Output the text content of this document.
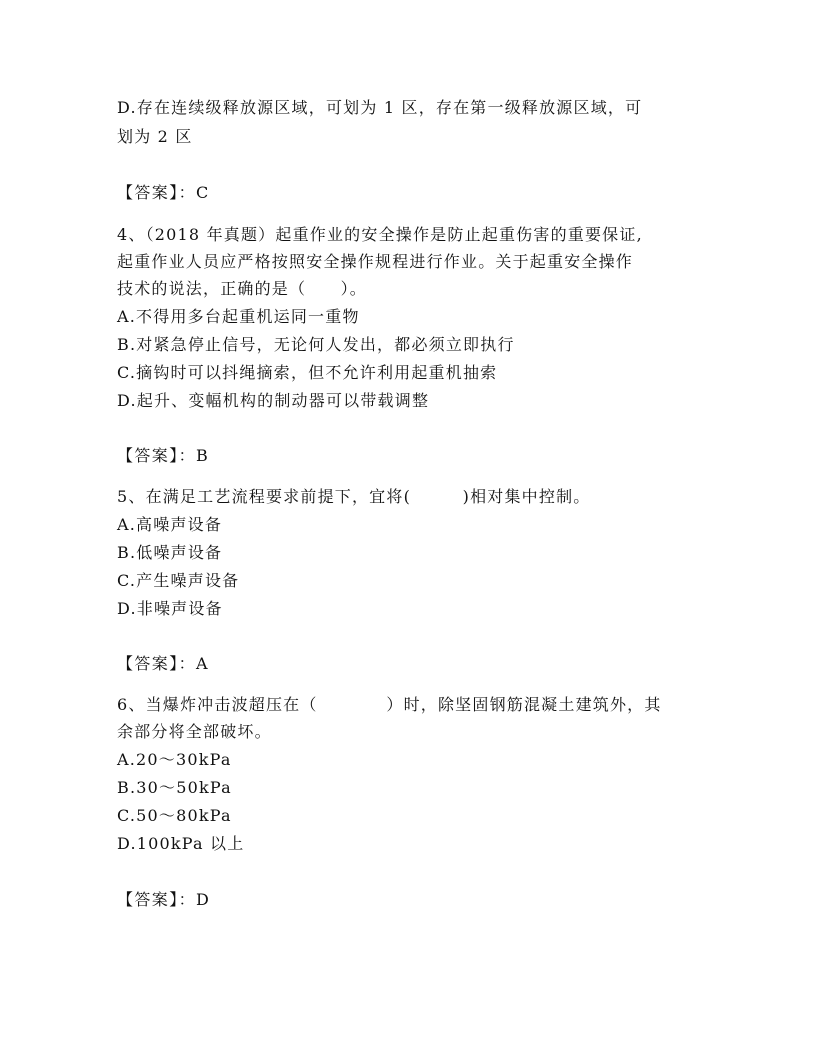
D.存在连续级释放源区域，可划为 1 区，存在第一级释放源区域，可
划为 2 区
【答案】：C
4、（2018 年真题）起重作业的安全操作是防止起重伤害的重要保证,
起重作业人员应严格按照安全操作规程进行作业。关于起重安全操作
技术的说法，正确的是（　　）。
A.不得用多台起重机运同一重物
B.对紧急停止信号，无论何人发出，都必须立即执行
C.摘钩时可以抖绳摘索，但不允许利用起重机抽索
D.起升、变幅机构的制动器可以带载调整
【答案】：B
5、在满足工艺流程要求前提下，宜将(　　　)相对集中控制。
A.高噪声设备
B.低噪声设备
C.产生噪声设备
D.非噪声设备
【答案】：A
6、当爆炸冲击波超压在（　　　　）时，除坚固钢筋混凝土建筑外，其
余部分将全部破坏。
A.20～30kPa
B.30～50kPa
C.50～80kPa
D.100kPa 以上
【答案】：D
